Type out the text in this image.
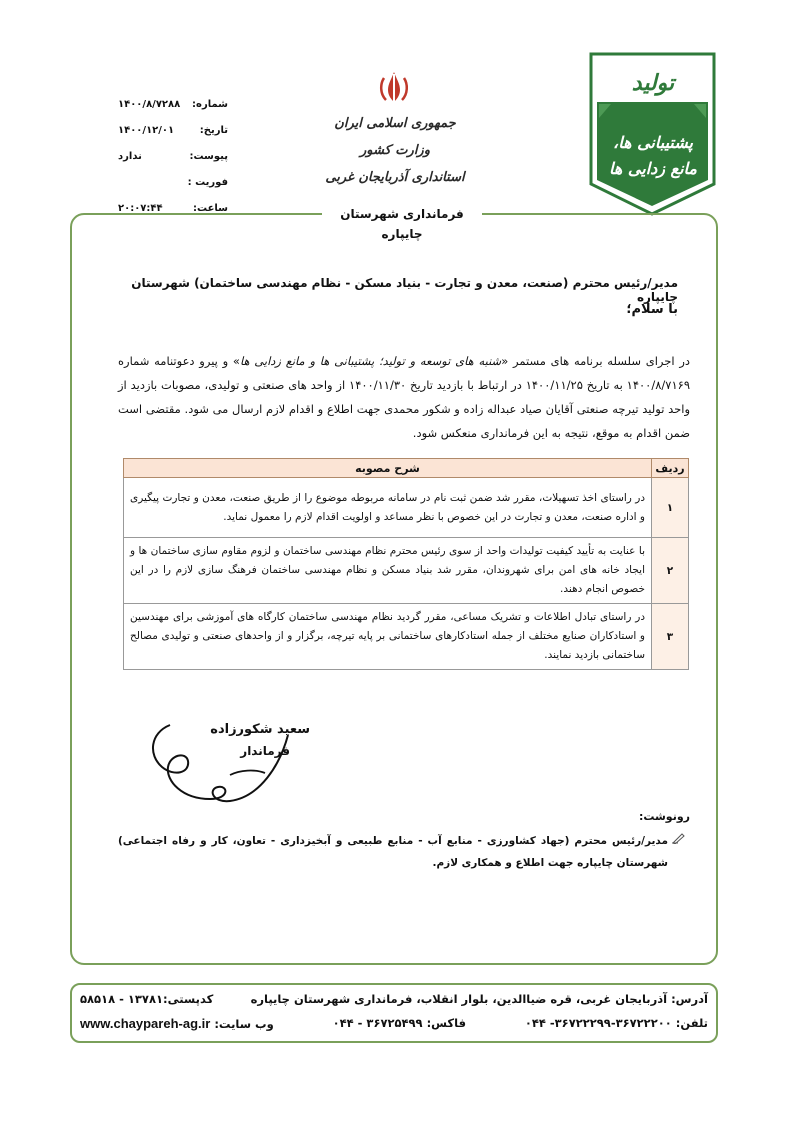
شماره:
۱۴۰۰/۸/۷۲۸۸
تاریخ:
۱۴۰۰/۱۲/۰۱
پیوست:
ندارد
فوریت :
ساعت:
۲۰:۰۷:۴۴
جمهوری اسلامی ایران
وزارت کشور
استانداری آذربایجان غربی
تولید
پشتیبانی ها،
مانع زدایی ها
فرمانداری شهرستان چایپاره
مدیر/رئیس محترم (صنعت، معدن و تجارت - بنیاد مسکن - نظام مهندسی ساختمان) شهرستان چایپاره
با سلام؛
در اجرای سلسله برنامه های مستمر «شنبه های توسعه و تولید؛ پشتیبانی ها و مانع زدایی ها» و پیرو دعوتنامه شماره ۱۴۰۰/۸/۷۱۶۹ به تاریخ ۱۴۰۰/۱۱/۲۵ در ارتباط با بازدید تاریخ ۱۴۰۰/۱۱/۳۰ از واحد های صنعتی و تولیدی، مصوبات بازدید از واحد تولید تیرچه صنعتی آقایان صیاد عبداله زاده و شکور محمدی جهت اطلاع و اقدام لازم ارسال می شود. مقتضی است ضمن اقدام به موقع، نتیجه به این فرمانداری منعکس شود.
ردیف	شرح مصوبه
۱	در راستای اخذ تسهیلات، مقرر شد ضمن ثبت نام در سامانه مربوطه موضوع را از طریق صنعت، معدن و تجارت پیگیری و اداره صنعت، معدن و تجارت در این خصوص با نظر مساعد و اولویت اقدام لازم را معمول نماید.
۲	با عنایت به تأیید کیفیت تولیدات واحد از سوی رئیس محترم نظام مهندسی ساختمان و لزوم مقاوم سازی ساختمان ها و ایجاد خانه های امن برای شهروندان، مقرر شد بنیاد مسکن و نظام مهندسی ساختمان فرهنگ سازی لازم را در این خصوص انجام دهند.
۳	در راستای تبادل اطلاعات و تشریک مساعی، مقرر گردید نظام مهندسی ساختمان کارگاه های آموزشی برای مهندسین و استادکاران صنایع مختلف از جمله استادکارهای ساختمانی بر پایه تیرچه، برگزار و از واحدهای صنعتی و تولیدی مصالح ساختمانی بازدید نمایند.
سعید شکورزاده
فرماندار
رونوشت:
مدیر/رئیس محترم (جهاد کشاورزی - منابع آب - منابع طبیعی و آبخیزداری - تعاون، کار و رفاه اجتماعی) شهرستان چایپاره جهت اطلاع و همکاری لازم.
آدرس: آذربایجان غربی، قره ضیاالدین، بلوار انقلاب، فرمانداری شهرستان چایپاره
کدپستی:۱۳۷۸۱ - ۵۸۵۱۸
تلفن: ۳۶۷۲۲۲۰۰-۳۶۷۲۲۲۹۹- ۰۴۴
فاکس: ۳۶۷۲۵۴۹۹ - ۰۴۴
وب سایت: www.chaypareh-ag.ir
